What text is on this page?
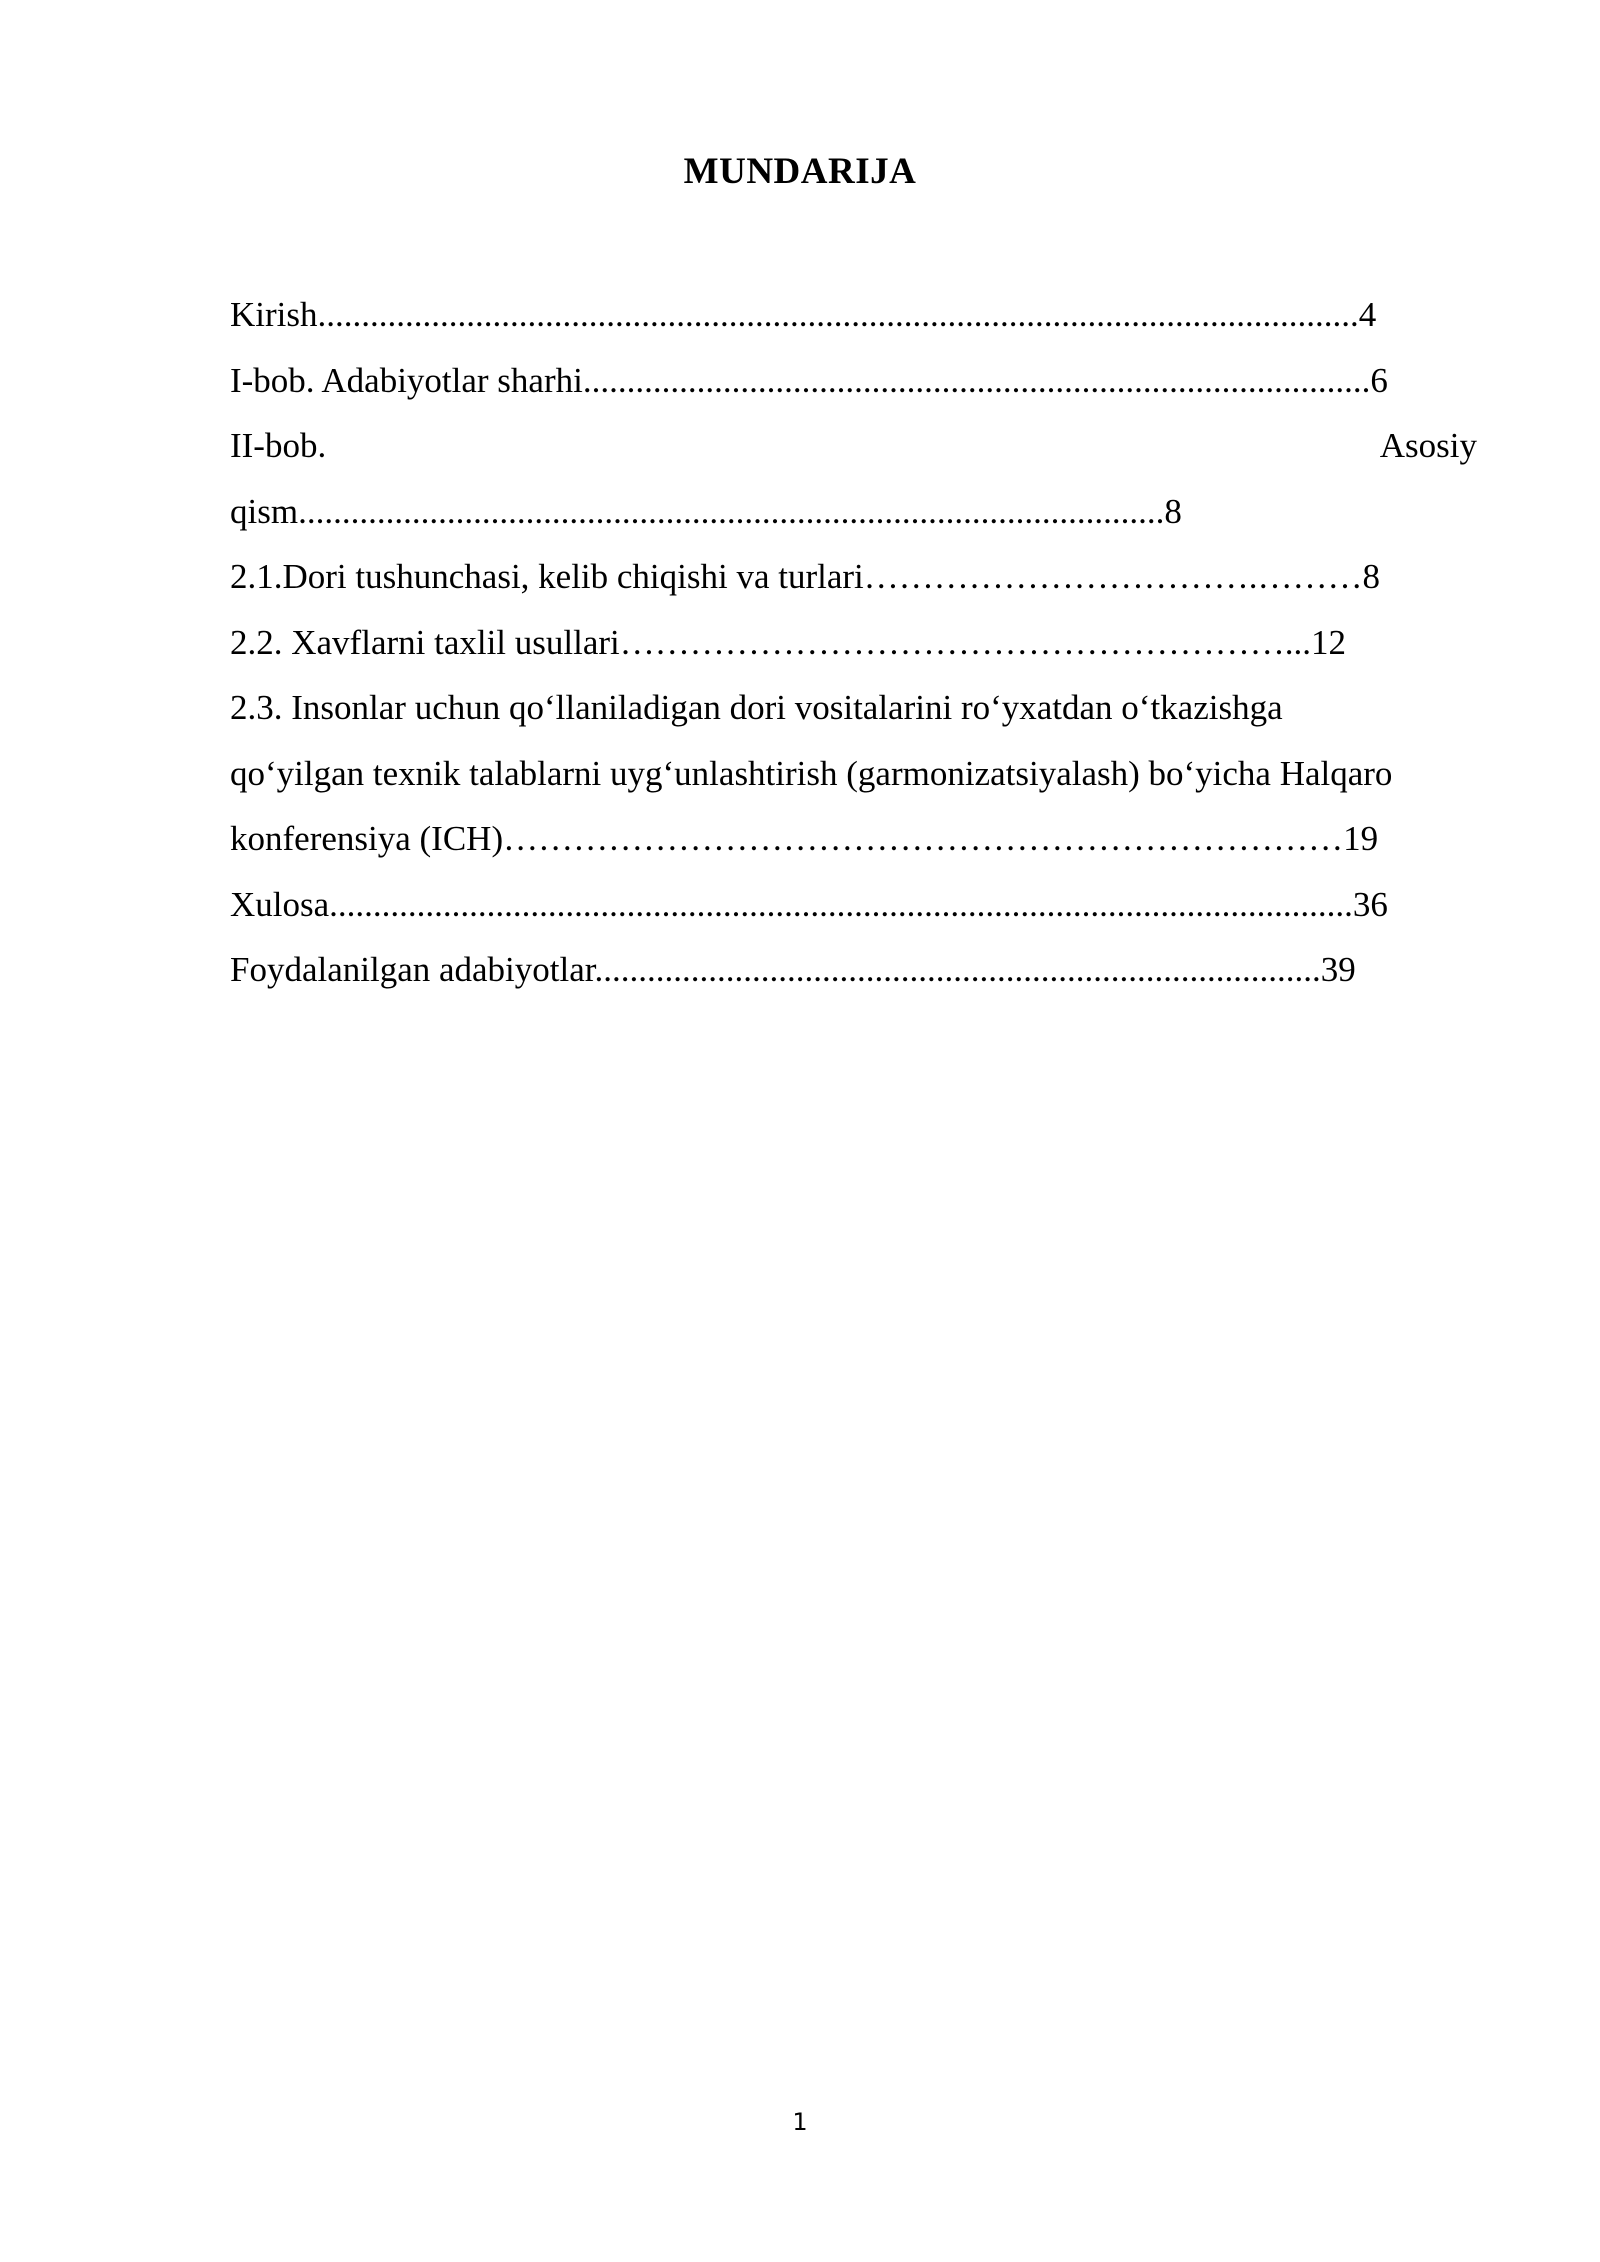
MUNDARIJA
Kirish.......................................................................................................................4
I-bob. Adabiyotlar sharhi..........................................................................................6
II-bob.	Asosiy
qism...................................................................................................8
2.1.Dori tushunchasi, kelib chiqishi va turlari…………………………….………8
2.2. Xavflarni taxlil usullari…………………………………………………...12
2.3. Insonlar uchun qo‘llaniladigan dori vositalarini ro‘yxatdan o‘tkazishga
qo‘yilgan texnik talablarni uyg‘unlashtirish (garmonizatsiyalash) bo‘yicha Halqaro
konferensiya (ICH)………………………………………………………………19
Xulosa.....................................................................................................................36
Foydalanilgan adabiyotlar...................................................................................39
1
